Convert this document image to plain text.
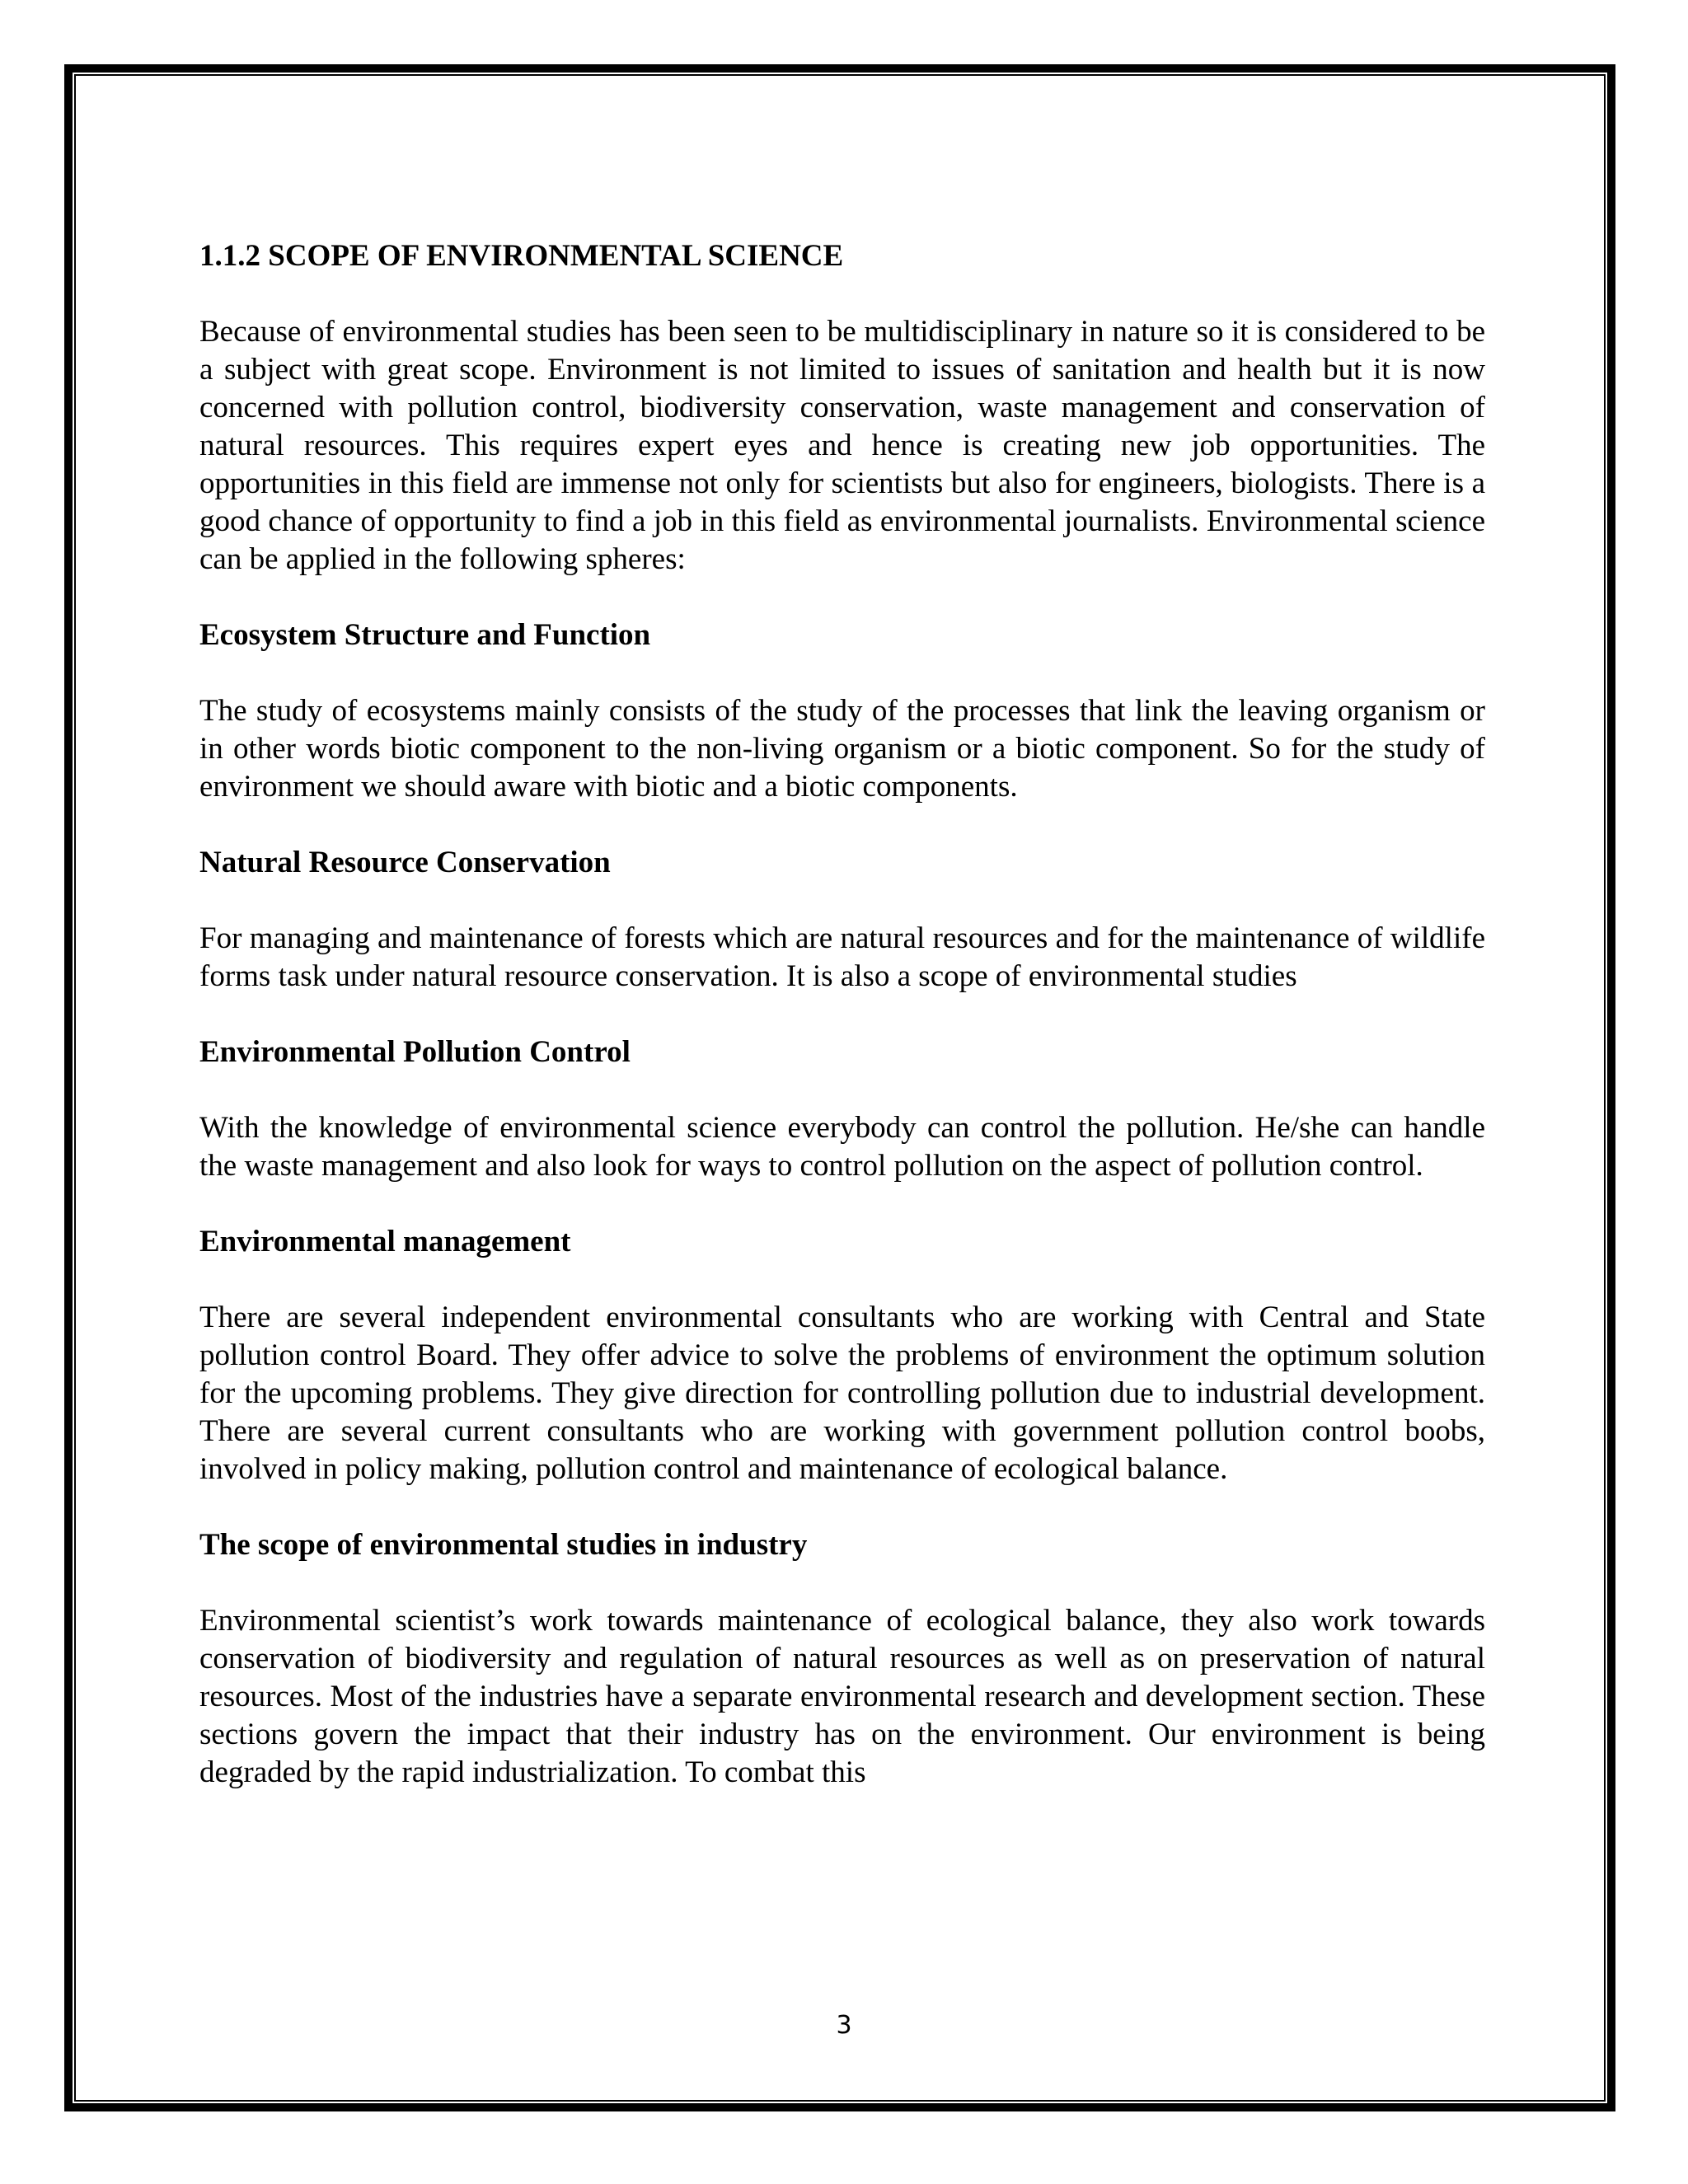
1.1.2 SCOPE OF ENVIRONMENTAL SCIENCE

Because of environmental studies has been seen to be multidisciplinary in nature so it is considered to be a subject with great scope. Environment is not limited to issues of sanitation and health but it is now concerned with pollution control, biodiversity conservation, waste management and conservation of natural resources. This requires expert eyes and hence is creating new job opportunities. The opportunities in this field are immense not only for scientists but also for engineers, biologists. There is a good chance of opportunity to find a job in this field as environmental journalists. Environmental science can be applied in the following spheres:

Ecosystem Structure and Function

The study of ecosystems mainly consists of the study of the processes that link the leaving organism or in other words biotic component to the non-living organism or a biotic component. So for the study of environment we should aware with biotic and a biotic components.

Natural Resource Conservation

For managing and maintenance of forests which are natural resources and for the maintenance of wildlife forms task under natural resource conservation. It is also a scope of environmental studies

Environmental Pollution Control

With the knowledge of environmental science everybody can control the pollution. He/she can handle the waste management and also look for ways to control pollution on the aspect of pollution control.

Environmental management

There are several independent environmental consultants who are working with Central and State pollution control Board. They offer advice to solve the problems of environment the optimum solution for the upcoming problems. They give direction for controlling pollution due to industrial development. There are several current consultants who are working with government pollution control boobs, involved in policy making, pollution control and maintenance of ecological balance.

The scope of environmental studies in industry

Environmental scientist’s work towards maintenance of ecological balance, they also work towards conservation of biodiversity and regulation of natural resources as well as on preservation of natural resources. Most of the industries have a separate environmental research and development section. These sections govern the impact that their industry has on the environment. Our environment is being degraded by the rapid industrialization. To combat this

3
